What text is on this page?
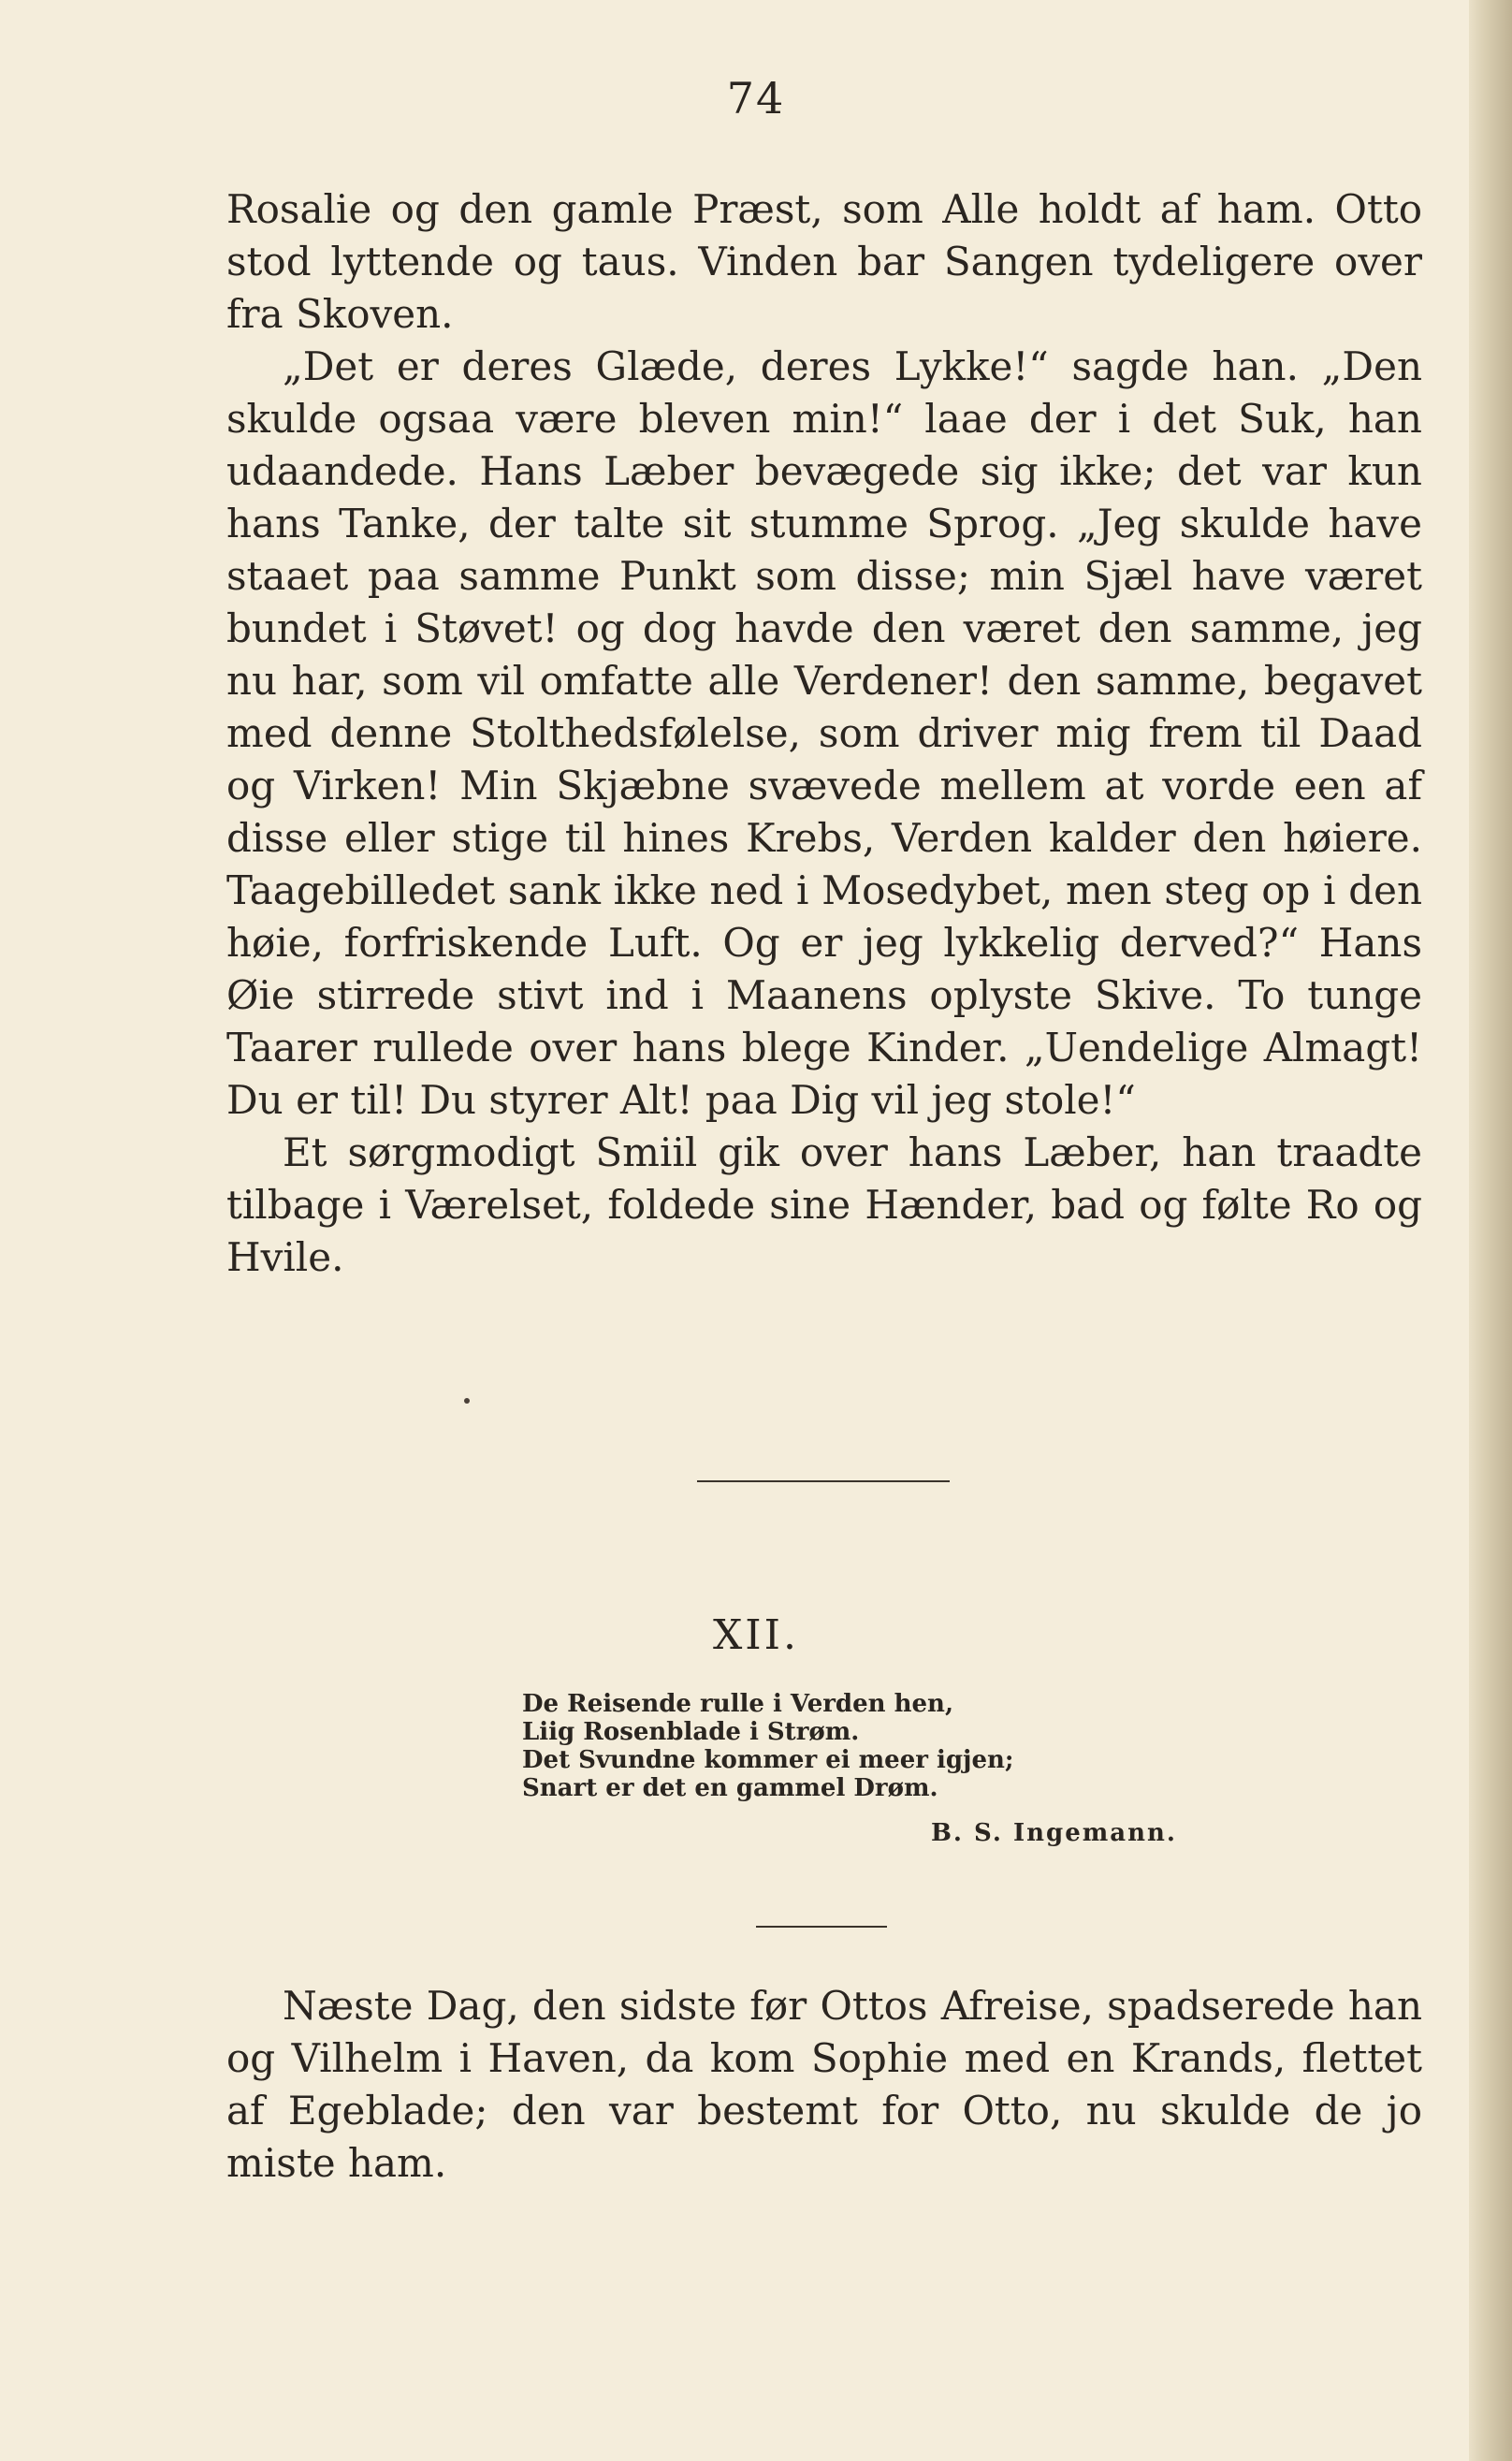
74

Rosalie og den gamle Præst, som Alle holdt af ham. Otto stod lyttende og taus. Vinden bar Sangen tydeligere over fra Skoven.

„Det er deres Glæde, deres Lykke!“ sagde han. „Den skulde ogsaa være bleven min!“ laae der i det Suk, han udaandede. Hans Læber bevægede sig ikke; det var kun hans Tanke, der talte sit stumme Sprog. „Jeg skulde have staaet paa samme Punkt som disse; min Sjæl have været bundet i Støvet! og dog havde den været den samme, jeg nu har, som vil omfatte alle Verdener! den samme, begavet med denne Stolthedsfølelse, som driver mig frem til Daad og Virken! Min Skjæbne svævede mellem at vorde een af disse eller stige til hines Krebs, Verden kalder den høiere. Taagebilledet sank ikke ned i Mosedybet, men steg op i den høie, forfriskende Luft. Og er jeg lykkelig derved?“ Hans Øie stirrede stivt ind i Maanens oplyste Skive. To tunge Taarer rullede over hans blege Kinder. „Uendelige Almagt! Du er til! Du styrer Alt! paa Dig vil jeg stole!“

Et sørgmodigt Smiil gik over hans Læber, han traadte tilbage i Værelset, foldede sine Hænder, bad og følte Ro og Hvile.

XII.
De Reisende rulle i Verden hen,
Liig Rosenblade i Strøm.
Det Svundne kommer ei meer igjen;
Snart er det en gammel Drøm.
B. S. Ingemann.

Næste Dag, den sidste før Ottos Afreise, spadserede han og Vilhelm i Haven, da kom Sophie med en Krands, flettet af Egeblade; den var bestemt for Otto, nu skulde de jo miste ham.
